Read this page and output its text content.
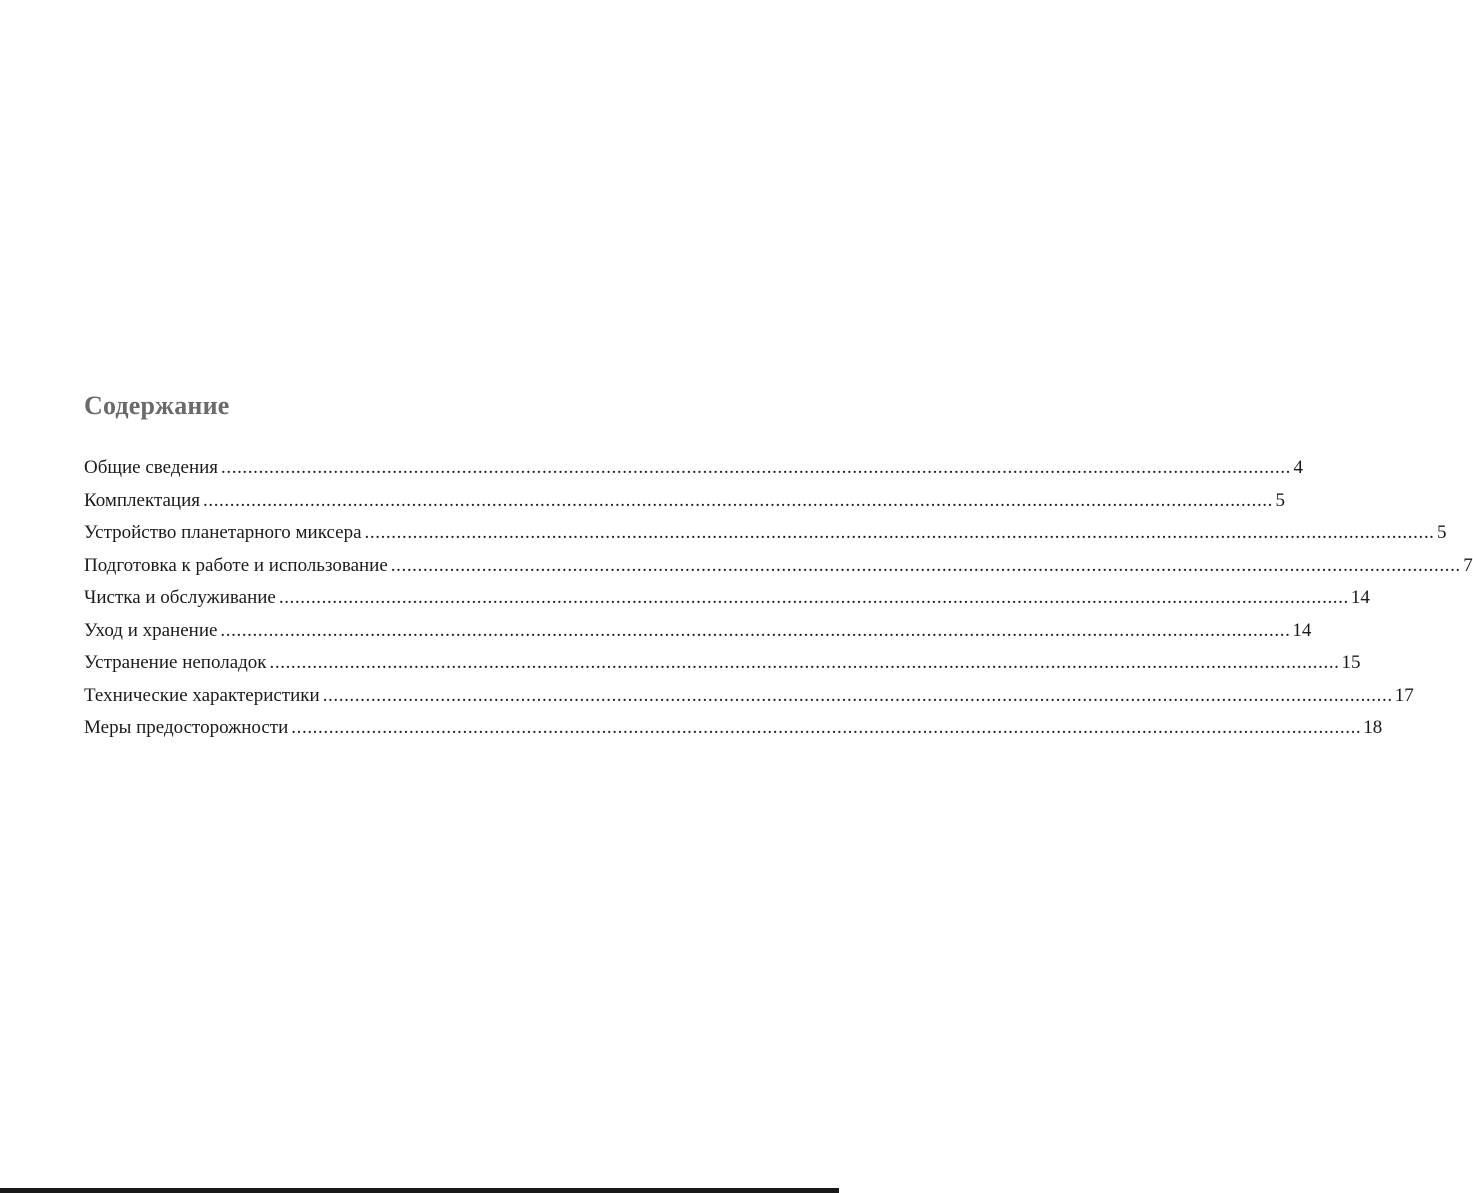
Содержание
Общие сведения ........................................................................................................................................................................................................ 4
Комплектация ........................................................................................................................................................................................................ 5
Устройство планетарного миксера ........................................................................................................................................................................................................ 5
Подготовка к работе и использование ........................................................................................................................................................................................................ 7
Чистка и обслуживание ........................................................................................................................................................................................................ 14
Уход и хранение ........................................................................................................................................................................................................ 14
Устранение неполадок ........................................................................................................................................................................................................ 15
Технические характеристики ........................................................................................................................................................................................................ 17
Меры предосторожности ........................................................................................................................................................................................................ 18
